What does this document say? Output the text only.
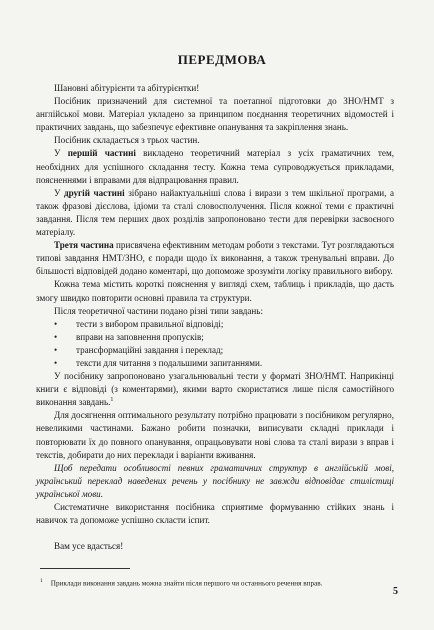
ПЕРЕДМОВА

Шановні абітурієнти та абітурієнтки!

Посібник призначений для системної та поетапної підготовки до ЗНО/НМТ з англійської мови. Матеріал укладено за принципом поєднання теоретичних відомостей і практичних завдань, що забезпечує ефективне опанування та закріплення знань.

Посібник складається з трьох частин.

У першій частині викладено теоретичний матеріал з усіх граматичних тем, необхідних для успішного складання тесту. Кожна тема супроводжується прикладами, поясненнями і вправами для відпрацювання правил.

У другій частині зібрано найактуальніші слова і вирази з тем шкільної програми, а також фразові дієслова, ідіоми та сталі словосполучення. Після кожної теми є практичні завдання. Після тем перших двох розділів запропоновано тести для перевірки засвоєного матеріалу.

Третя частина присвячена ефективним методам роботи з текстами. Тут розглядаються типові завдання НМТ/ЗНО, є поради щодо їх виконання, а також тренувальні вправи. До більшості відповідей додано коментарі, що допоможе зрозуміти логіку правильного вибору.

Кожна тема містить короткі пояснення у вигляді схем, таблиць і прикладів, що дасть змогу швидко повторити основні правила та структури.

Після теоретичної частини подано різні типи завдань:

• тести з вибором правильної відповіді;
• вправи на заповнення пропусків;
• трансформаційні завдання і переклад;
• тексти для читання з подальшими запитаннями.

У посібнику запропоновано узагальнювальні тести у форматі ЗНО/НМТ. Наприкінці книги є відповіді (з коментарями), якими варто скористатися лише після самостійного виконання завдань.$^1$

Для досягнення оптимального результату потрібно працювати з посібником регулярно, невеликими частинами. Бажано робити позначки, виписувати складні приклади і повторювати їх до повного опанування, опрацьовувати нові слова та сталі вирази з вправ і текстів, добирати до них переклади і варіанти вживання.

Щоб передати особливості певних граматичних структур в англійській мові, український переклад наведених речень у посібнику не завжди відповідає стилістиці української мови.

Систематичне використання посібника сприятиме формуванню стійких знань і навичок та допоможе успішно скласти іспит.

Вам усе вдасться!

$^1$ Приклади виконання завдань можна знайти після першого чи останнього речення вправ.
5
